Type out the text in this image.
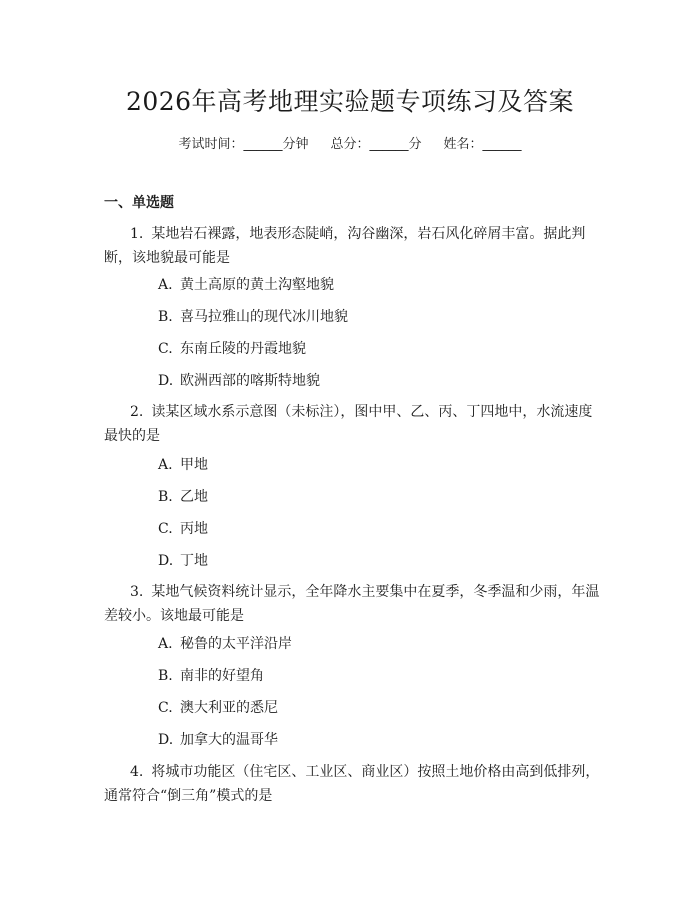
2026年高考地理实验题专项练习及答案
考试时间：______分钟 总分：______分 姓名：______
一、单选题
1. 某地岩石裸露，地表形态陡峭，沟谷幽深，岩石风化碎屑丰富。据此判断，该地貌最可能是
A. 黄土高原的黄土沟壑地貌
B. 喜马拉雅山的现代冰川地貌
C. 东南丘陵的丹霞地貌
D. 欧洲西部的喀斯特地貌
2. 读某区域水系示意图（未标注），图中甲、乙、丙、丁四地中，水流速度最快的是
A. 甲地
B. 乙地
C. 丙地
D. 丁地
3. 某地气候资料统计显示，全年降水主要集中在夏季，冬季温和少雨，年温差较小。该地最可能是
A. 秘鲁的太平洋沿岸
B. 南非的好望角
C. 澳大利亚的悉尼
D. 加拿大的温哥华
4. 将城市功能区（住宅区、工业区、商业区）按照土地价格由高到低排列，通常符合“倒三角”模式的是
